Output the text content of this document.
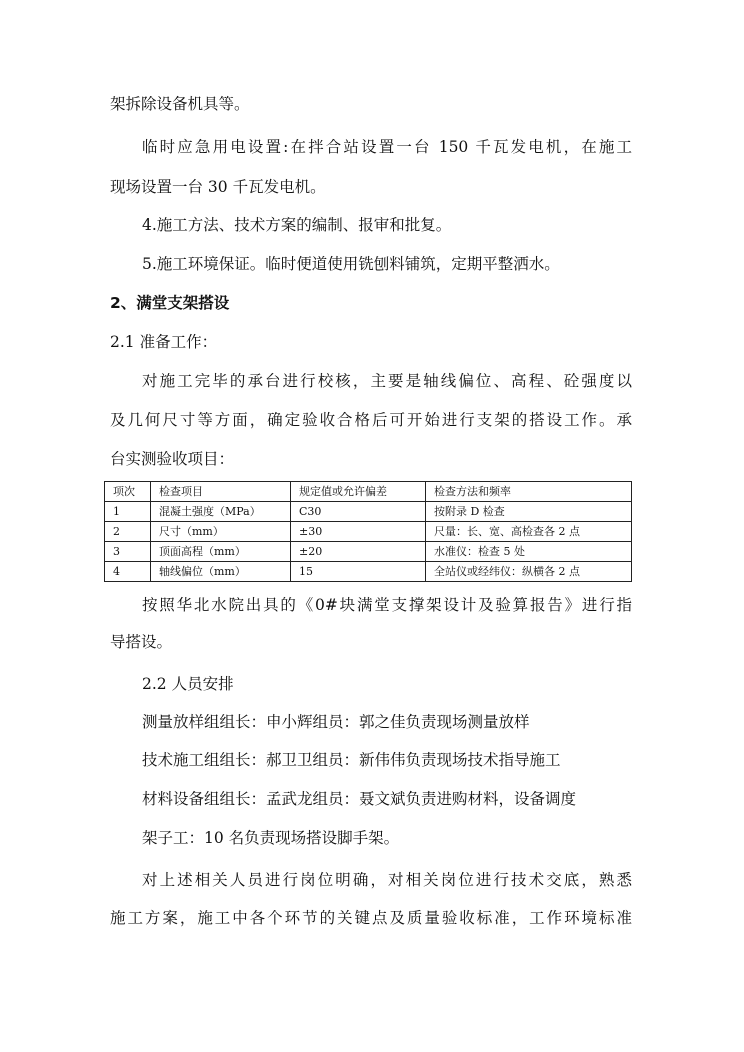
架拆除设备机具等。
临时应急用电设置:在拌合站设置一台 150 千瓦发电机，在施工
现场设置一台 30 千瓦发电机。
4.施工方法、技术方案的编制、报审和批复。
5.施工环境保证。临时便道使用铣刨料铺筑，定期平整洒水。
2、满堂支架搭设
2.1 准备工作：
对施工完毕的承台进行校核，主要是轴线偏位、高程、砼强度以
及几何尺寸等方面，确定验收合格后可开始进行支架的搭设工作。承
台实测验收项目：
项次	检查项目	规定值或允许偏差	检查方法和频率
1	混凝土强度（MPa）	C30	按附录 D 检查
2	尺寸（mm）	±30	尺量：长、宽、高检查各 2 点
3	顶面高程（mm）	±20	水准仪：检查 5 处
4	轴线偏位（mm）	15	全站仪或经纬仪：纵横各 2 点
按照华北水院出具的《0#块满堂支撑架设计及验算报告》进行指
导搭设。
2.2 人员安排
测量放样组组长：申小辉组员：郭之佳负责现场测量放样
技术施工组组长：郝卫卫组员：新伟伟负责现场技术指导施工
材料设备组组长：孟武龙组员：聂文斌负责进购材料，设备调度
架子工：10 名负责现场搭设脚手架。
对上述相关人员进行岗位明确，对相关岗位进行技术交底，熟悉
施工方案，施工中各个环节的关键点及质量验收标准，工作环境标准
